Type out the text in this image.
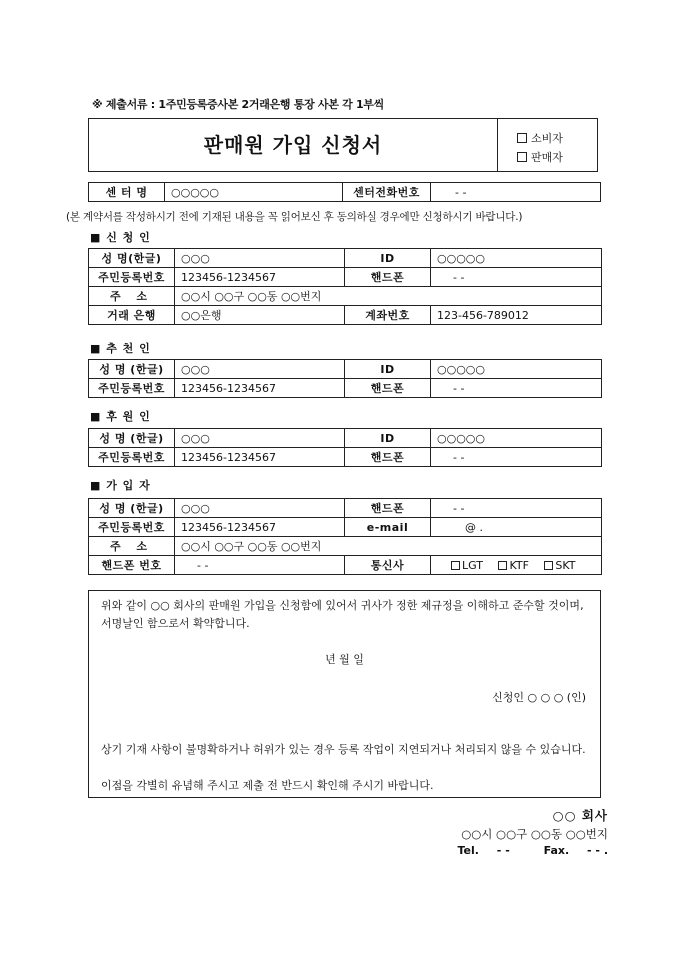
※ 제출서류 : 1주민등록증사본 2거래은행 통장 사본 각 1부씩
판매원 가입 신청서	소비자
판매자
센 터 명	○○○○○	센터전화번호	- -
(본 계약서를 작성하시기 전에 기재된 내용을 꼭 읽어보신 후 동의하실 경우에만 신청하시기 바랍니다.)
■ 신 청 인
성 명(한글)	○○○	ID	○○○○○
주민등록번호	123456-1234567	핸드폰	- -
주 소	○○시 ○○구 ○○동 ○○번지		
거래 은행	○○은행	계좌번호	123-456-789012
■ 추 천 인
성 명 (한글)	○○○	ID	○○○○○
주민등록번호	123456-1234567	핸드폰	- -
■ 후 원 인
성 명 (한글)	○○○	ID	○○○○○
주민등록번호	123456-1234567	핸드폰	- -
■ 가 입 자
성 명 (한글)	○○○	핸드폰	- -
주민등록번호	123456-1234567	e-mail	@ .
주 소	○○시 ○○구 ○○동 ○○번지		
핸드폰 번호	- -	통신사	LGT KTF SKT

위와 같이 ○○ 회사의 판매원 가입을 신청함에 있어서 귀사가 정한 제규정을 이해하고 준수할 것이며, 서명날인 함으로서 확약합니다.

년 월 일
신청인 ○ ○ ○ (인)

상기 기재 사항이 불명확하거나 허위가 있는 경우 등록 작업이 지연되거나 처리되지 않을 수 있습니다.

이점을 각별히 유념해 주시고 제출 전 반드시 확인해 주시기 바랍니다.

○○ 회사
○○시 ○○구 ○○동 ○○번지
Tel. - -	Fax. - - .
